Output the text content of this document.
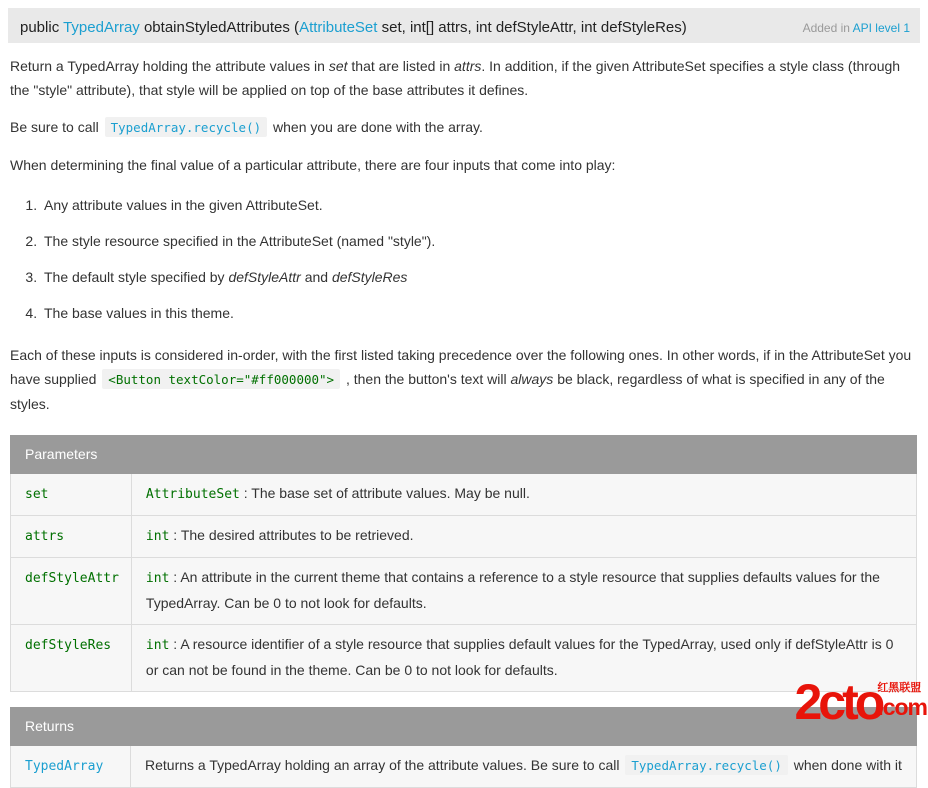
public TypedArray obtainStyledAttributes (AttributeSet set, int[] attrs, int defStyleAttr, int defStyleRes)	Added in API level 1

Return a TypedArray holding the attribute values in set that are listed in attrs. In addition, if the given AttributeSet specifies a style class (through the "style" attribute), that style will be applied on top of the base attributes it defines.

Be sure to call TypedArray.recycle() when you are done with the array.

When determining the final value of a particular attribute, there are four inputs that come into play:

1. Any attribute values in the given AttributeSet.
2. The style resource specified in the AttributeSet (named "style").
3. The default style specified by defStyleAttr and defStyleRes
4. The base values in this theme.

Each of these inputs is considered in-order, with the first listed taking precedence over the following ones. In other words, if in the AttributeSet you have supplied <Button textColor="#ff000000"> , then the button's text will always be black, regardless of what is specified in any of the styles.

Parameters	
set	AttributeSet : The base set of attribute values. May be null.
attrs	int : The desired attributes to be retrieved.
defStyleAttr	int : An attribute in the current theme that contains a reference to a style resource that supplies defaults values for the TypedArray. Can be 0 to not look for defaults.
defStyleRes	int : A resource identifier of a style resource that supplies default values for the TypedArray, used only if defStyleAttr is 0 or can not be found in the theme. Can be 0 to not look for defaults.
Returns
TypedArray	Returns a TypedArray holding an array of the attribute values. Be sure to call TypedArray.recycle() when done with it
2cto
红黑联盟
.com
